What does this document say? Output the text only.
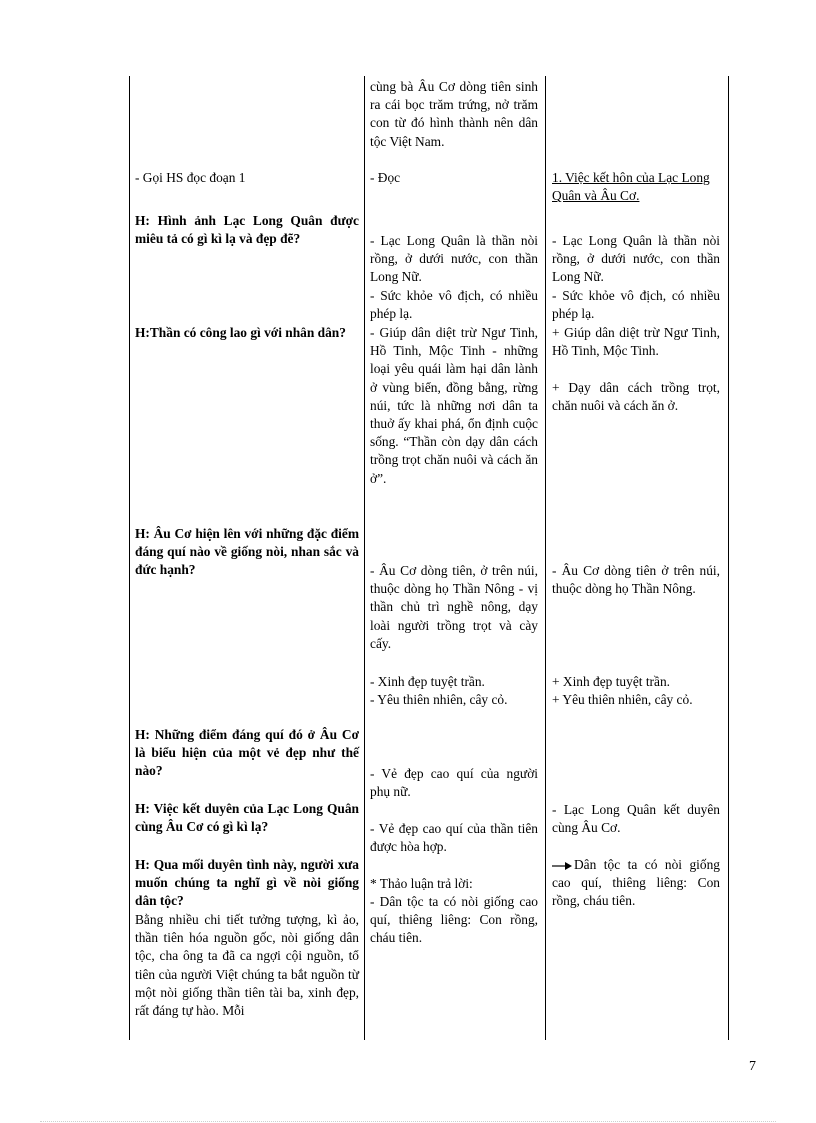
- Gọi HS đọc đoạn 1
H: Hình ảnh Lạc Long Quân được miêu tả có gì kì lạ và đẹp đẽ?
H:Thần có công lao gì với nhân dân?
H: Âu Cơ hiện lên với những đặc điểm đáng quí nào về giống nòi, nhan sắc và đức hạnh?
H: Những điểm đáng quí đó ở Âu Cơ là biểu hiện của một vẻ đẹp như thế nào?
H: Việc kết duyên của Lạc Long Quân cùng Âu Cơ có gì kì lạ?
H: Qua mối duyên tình này, người xưa muốn chúng ta nghĩ gì về nòi giống dân tộc?
Bằng nhiều chi tiết tưởng tượng, kì ảo, thần tiên hóa nguồn gốc, nòi giống dân tộc, cha ông ta đã ca ngợi cội nguồn, tổ tiên của người Việt chúng ta bắt nguồn từ một nòi giống thần tiên tài ba, xinh đẹp, rất đáng tự hào. Mỗi
cùng bà Âu Cơ dòng tiên sinh ra cái bọc trăm trứng, nở trăm con từ đó hình thành nên dân tộc Việt Nam.
- Đọc
- Lạc Long Quân là thần nòi rồng, ở dưới nước, con thần Long Nữ.
- Sức khỏe vô địch, có nhiều phép lạ.
- Giúp dân diệt trừ Ngư Tinh, Hồ Tinh, Mộc Tinh - những loại yêu quái làm hại dân lành ở vùng biển, đồng bằng, rừng núi, tức là những nơi dân ta thuở ấy khai phá, ổn định cuộc sống. “Thần còn dạy dân cách trồng trọt chăn nuôi và cách ăn ở”.
- Âu Cơ dòng tiên, ở trên núi, thuộc dòng họ Thần Nông - vị thần chủ trì nghề nông, dạy loài người trồng trọt và cày cấy.
- Xinh đẹp tuyệt trần.
- Yêu thiên nhiên, cây cỏ.
- Vẻ đẹp cao quí của người phụ nữ.
- Vẻ đẹp cao quí của thần tiên được hòa hợp.
* Thảo luận trả lời:
- Dân tộc ta có nòi giống cao quí, thiêng liêng: Con rồng, cháu tiên.
1. Việc kết hôn của Lạc Long Quân và Âu Cơ.
- Lạc Long Quân là thần nòi rồng, ở dưới nước, con thần Long Nữ.
- Sức khỏe vô địch, có nhiều phép lạ.
+ Giúp dân diệt trừ Ngư Tinh, Hồ Tinh, Mộc Tinh.
+ Dạy dân cách trồng trọt, chăn nuôi và cách ăn ở.
- Âu Cơ dòng tiên ở trên núi, thuộc dòng họ Thần Nông.
+ Xinh đẹp tuyệt trần.
+ Yêu thiên nhiên, cây cỏ.
- Lạc Long Quân kết duyên cùng Âu Cơ.
Dân tộc ta có nòi giống cao quí, thiêng liêng: Con rồng, cháu tiên.
7
